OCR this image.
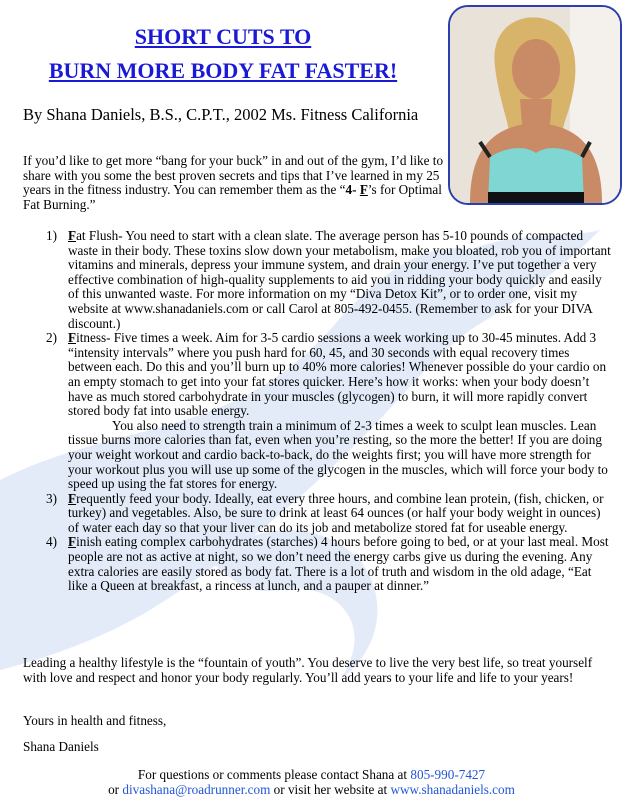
SHORT CUTS TO
BURN MORE BODY FAT FASTER!
By Shana Daniels, B.S., C.P.T., 2002 Ms. Fitness California
If you’d like to get more “bang for your buck” in and out of the gym, I’d like to share with you some the best proven secrets and tips that I’ve learned in my 25 years in the fitness industry. You can remember them as the “4- F’s for Optimal Fat Burning.”
1) Fat Flush- You need to start with a clean slate. The average person has 5-10 pounds of compacted waste in their body. These toxins slow down your metabolism, make you bloated, rob you of important vitamins and minerals, depress your immune system, and drain your energy. I’ve put together a very effective combination of high-quality supplements to aid you in ridding your body quickly and easily of this unwanted waste. For more information on my “Diva Detox Kit”, or to order one, visit my website at www.shanadaniels.com or call Carol at 805-492-0455. (Remember to ask for your DIVA discount.)
2) Fitness- Five times a week. Aim for 3-5 cardio sessions a week working up to 30-45 minutes. Add 3 “intensity intervals” where you push hard for 60, 45, and 30 seconds with equal recovery times between each. Do this and you’ll burn up to 40% more calories! Whenever possible do your cardio on an empty stomach to get into your fat stores quicker. Here’s how it works: when your body doesn’t have as much stored carbohydrate in your muscles (glycogen) to burn, it will more rapidly convert stored body fat into usable energy.
You also need to strength train a minimum of 2-3 times a week to sculpt lean muscles. Lean tissue burns more calories than fat, even when you’re resting, so the more the better! If you are doing your weight workout and cardio back-to-back, do the weights first; you will have more strength for your workout plus you will use up some of the glycogen in the muscles, which will force your body to speed up using the fat stores for energy.
3) Frequently feed your body. Ideally, eat every three hours, and combine lean protein, (fish, chicken, or turkey) and vegetables. Also, be sure to drink at least 64 ounces (or half your body weight in ounces) of water each day so that your liver can do its job and metabolize stored fat for useable energy.
4) Finish eating complex carbohydrates (starches) 4 hours before going to bed, or at your last meal. Most people are not as active at night, so we don’t need the energy carbs give us during the evening. Any extra calories are easily stored as body fat. There is a lot of truth and wisdom in the old adage, “Eat like a Queen at breakfast, a rincess at lunch, and a pauper at dinner.”
Leading a healthy lifestyle is the “fountain of youth”. You deserve to live the very best life, so treat yourself with love and respect and honor your body regularly. You’ll add years to your life and life to your years!
Yours in health and fitness,
Shana Daniels
For questions or comments please contact Shana at 805-990-7427
or divashana@roadrunner.com or visit her website at www.shanadaniels.com
